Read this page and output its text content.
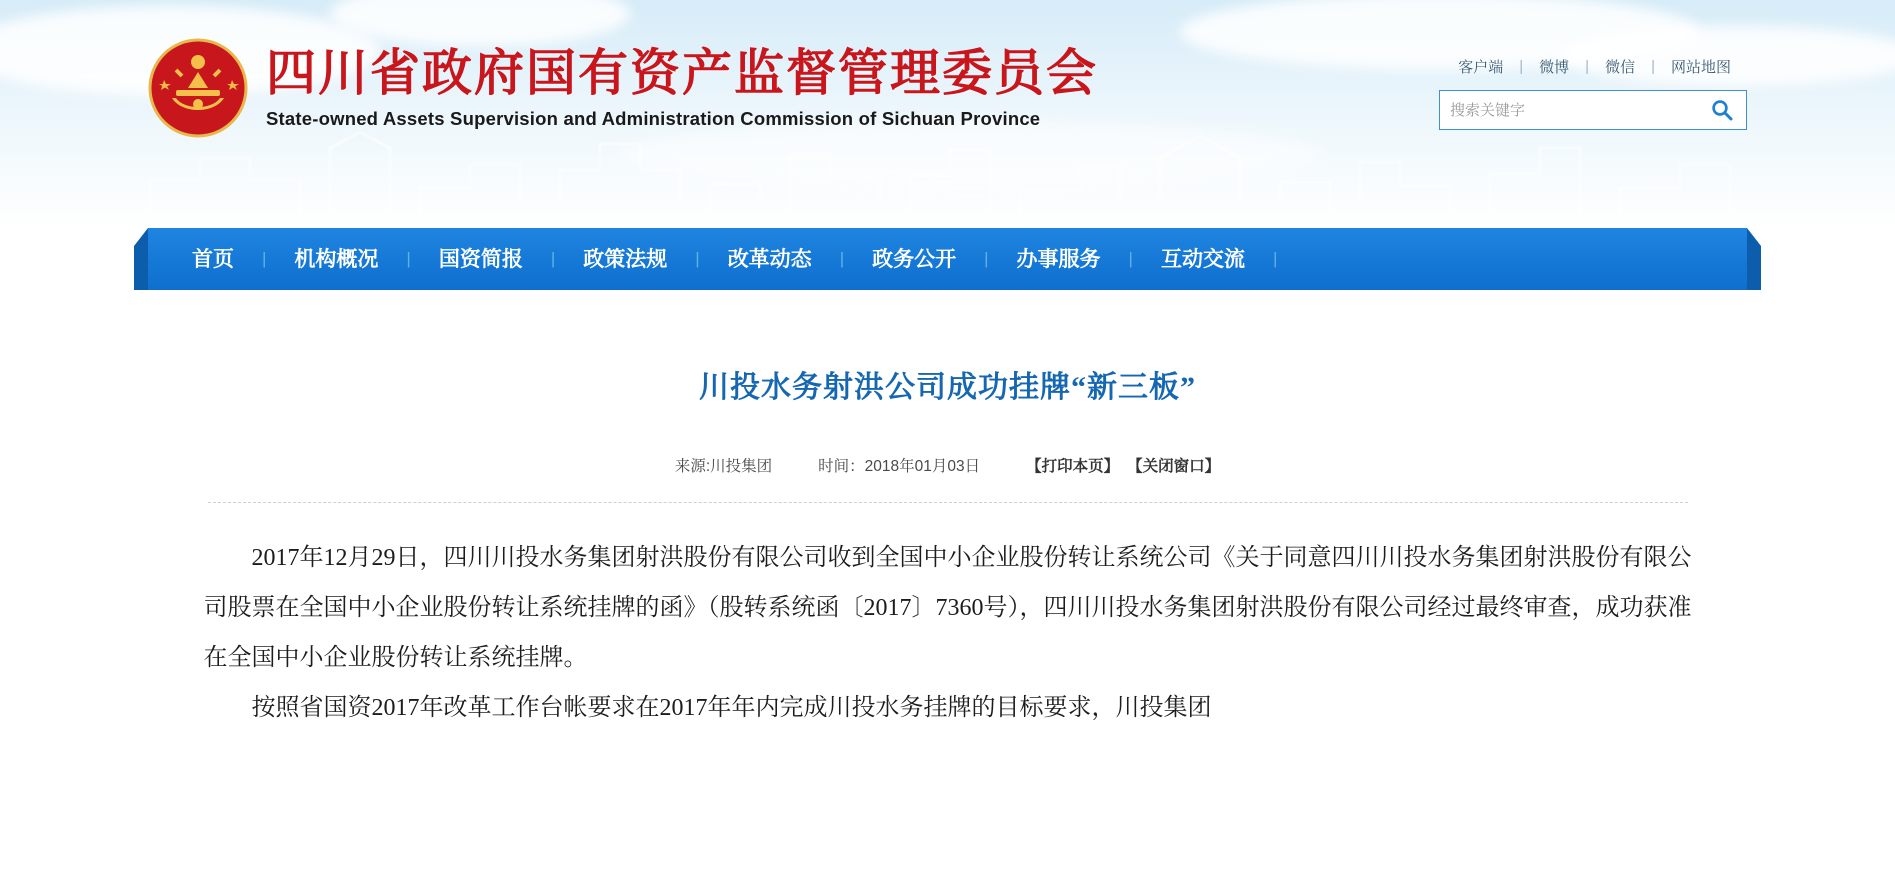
四川省政府国有资产监督管理委员会
State-owned Assets Supervision and Administration Commission of Sichuan Province
客户端	|	微博	|	微信	|	网站地图
搜索关键字
首页	|	机构概况	|	国资简报	|	政策法规	|	改革动态	|	政务公开	|	办事服务	|	互动交流	|
川投水务射洪公司成功挂牌“新三板”
来源:川投集团	时间：2018年01月03日	【打印本页】 【关闭窗口】

2017年12月29日，四川川投水务集团射洪股份有限公司收到全国中小企业股份转让系统公司《关于同意四川川投水务集团射洪股份有限公司股票在全国中小企业股份转让系统挂牌的函》（股转系统函〔2017〕7360号），四川川投水务集团射洪股份有限公司经过最终审查，成功获准在全国中小企业股份转让系统挂牌。

按照省国资2017年改革工作台帐要求在2017年年内完成川投水务挂牌的目标要求，川投集团
